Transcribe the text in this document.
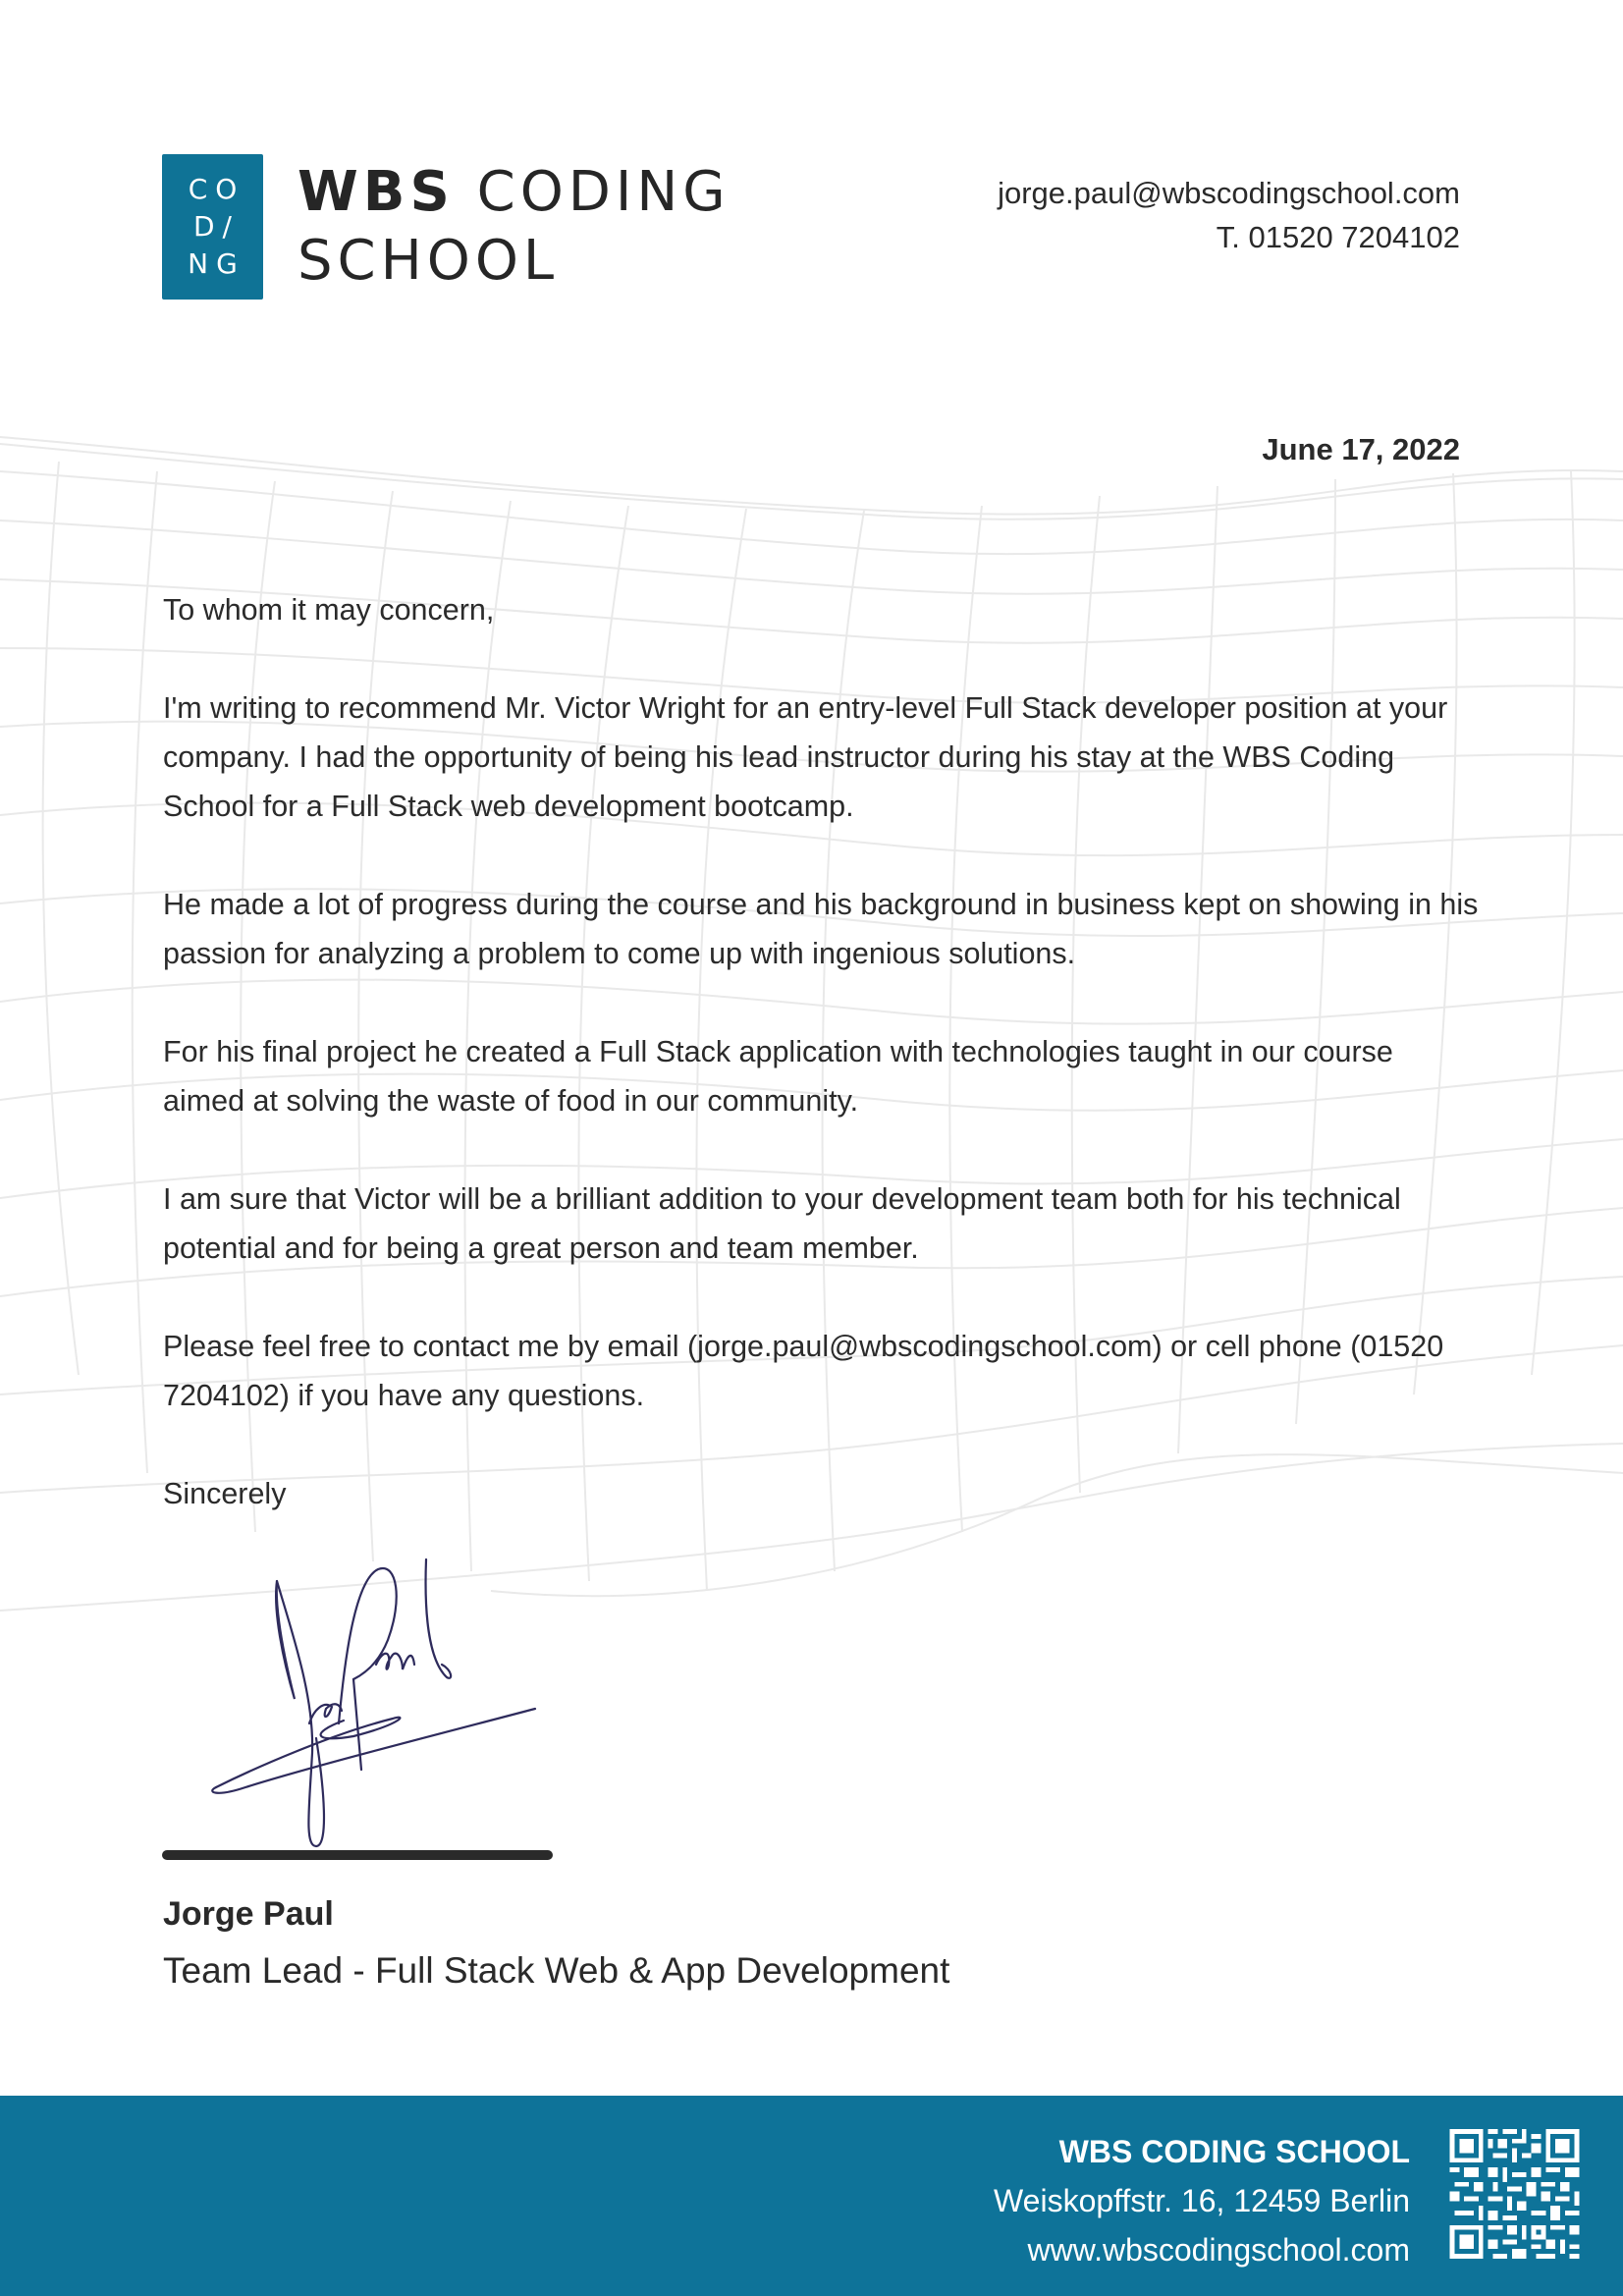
CO
D/
NG
WBS CODING
SCHOOL
jorge.paul@wbscodingschool.com
T. 01520 7204102
June 17, 2022

To whom it may concern,

I'm writing to recommend Mr. Victor Wright for an entry-level Full Stack developer position at your company. I had the opportunity of being his lead instructor during his stay at the WBS Coding School for a Full Stack web development bootcamp.

He made a lot of progress during the course and his background in business kept on showing in his passion for analyzing a problem to come up with ingenious solutions.

For his final project he created a Full Stack application with technologies taught in our course aimed at solving the waste of food in our community.

I am sure that Victor will be a brilliant addition to your development team both for his technical potential and for being a great person and team member.

Please feel free to contact me by email (jorge.paul@wbscodingschool.com) or cell phone (01520 7204102) if you have any questions.

Sincerely

Jorge Paul
Team Lead - Full Stack Web & App Development
WBS CODING SCHOOL
Weiskopffstr. 16, 12459 Berlin
www.wbscodingschool.com
